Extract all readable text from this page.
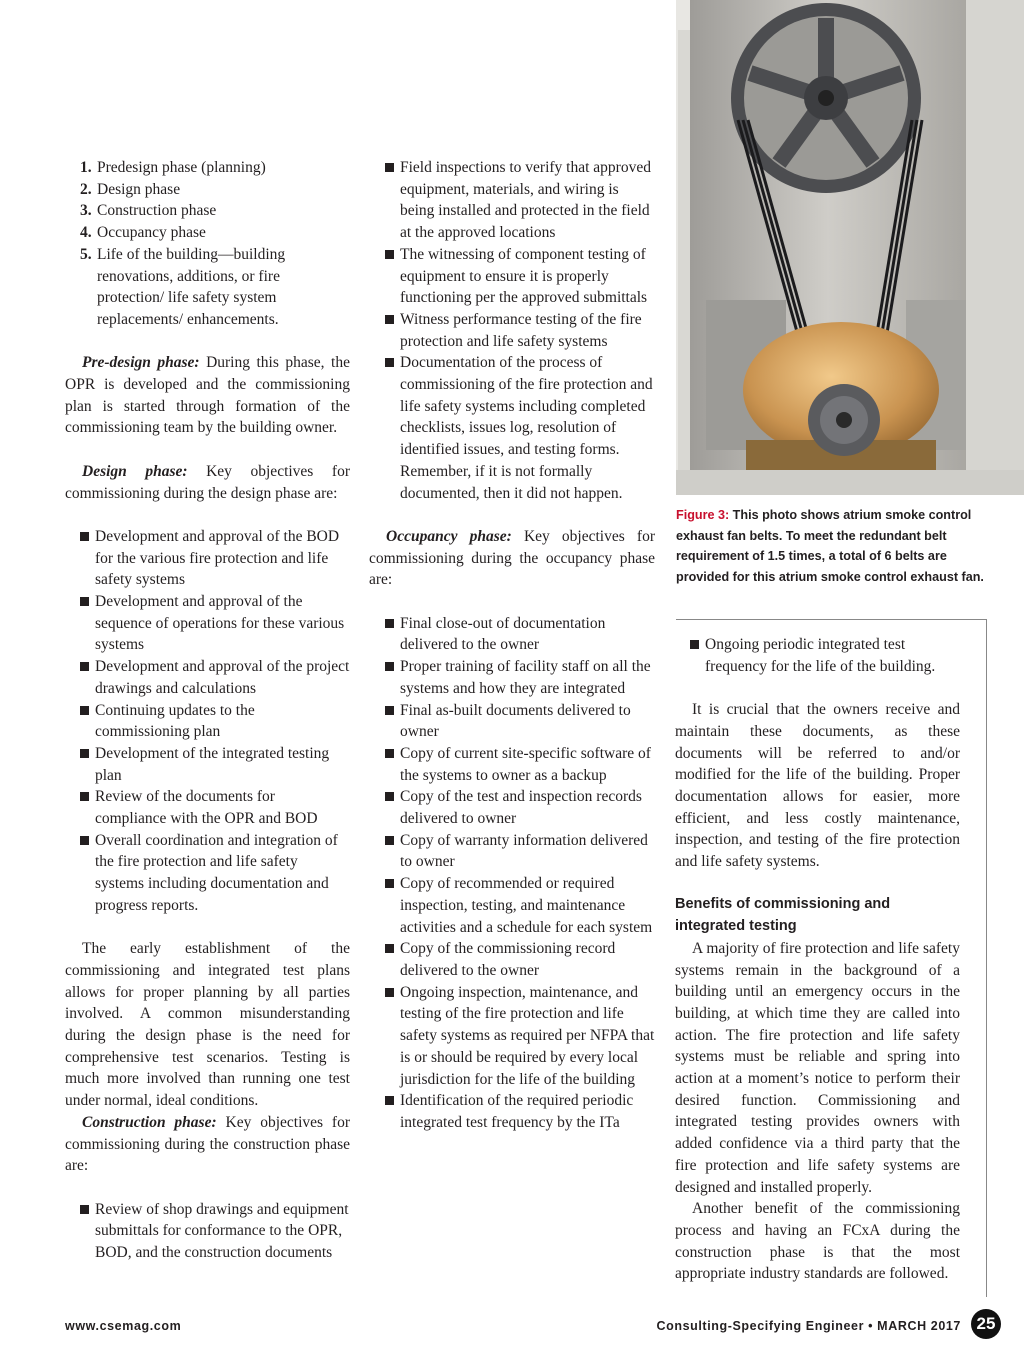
Figure 3: This photo shows atrium smoke control exhaust fan belts. To meet the redundant belt requirement of 1.5 times, a total of 6 belts are provided for this atrium smoke control exhaust fan.
1. Predesign phase (planning)
2. Design phase
3. Construction phase
4. Occupancy phase
5. Life of the building—building renovations, additions, or fire protection/ life safety system replacements/ enhancements.

Pre-design phase: During this phase, the OPR is developed and the commissioning plan is started through formation of the commissioning team by the building owner.

Design phase: Key objectives for commissioning during the design phase are:

Development and approval of the BOD for the various fire protection and life safety systems
Development and approval of the sequence of operations for these various systems
Development and approval of the project drawings and calculations
Continuing updates to the commissioning plan
Development of the integrated testing plan
Review of the documents for compliance with the OPR and BOD
Overall coordination and integration of the fire protection and life safety systems including documentation and progress reports.

The early establishment of the commissioning and integrated test plans allows for proper planning by all parties involved. A common misunderstanding during the design phase is the need for comprehensive test scenarios. Testing is much more involved than running one test under normal, ideal conditions.

Construction phase: Key objectives for commissioning during the construction phase are:

Review of shop drawings and equipment submittals for conformance to the OPR, BOD, and the construction documents
Field inspections to verify that approved equipment, materials, and wiring is being installed and protected in the field at the approved locations
The witnessing of component testing of equipment to ensure it is properly functioning per the approved submittals
Witness performance testing of the fire protection and life safety systems
Documentation of the process of commissioning of the fire protection and life safety systems including completed checklists, issues log, resolution of identified issues, and testing forms. Remember, if it is not formally documented, then it did not happen.

Occupancy phase: Key objectives for commissioning during the occupancy phase are:

Final close-out of documentation delivered to the owner
Proper training of facility staff on all the systems and how they are integrated
Final as-built documents delivered to owner
Copy of current site-specific software of the systems to owner as a backup
Copy of the test and inspection records delivered to owner
Copy of warranty information delivered to owner
Copy of recommended or required inspection, testing, and maintenance activities and a schedule for each system
Copy of the commissioning record delivered to the owner
Ongoing inspection, maintenance, and testing of the fire protection and life safety systems as required per NFPA that is or should be required by every local jurisdiction for the life of the building
Identification of the required periodic integrated test frequency by the ITa
Ongoing periodic integrated test frequency for the life of the building.

It is crucial that the owners receive and maintain these documents, as these documents will be referred to and/or modified for the life of the building. Proper documentation allows for easier, more efficient, and less costly maintenance, inspection, and testing of the fire protection and life safety systems.

Benefits of commissioning and integrated testing

A majority of fire protection and life safety systems remain in the background of a building until an emergency occurs in the building, at which time they are called into action. The fire protection and life safety systems must be reliable and spring into action at a moment’s notice to perform their desired function. Commissioning and integrated testing provides owners with added confidence via a third party that the fire protection and life safety systems are designed and installed properly.

Another benefit of the commissioning process and having an FCxA during the construction phase is that the most appropriate industry standards are followed.

www.csemag.com	Consulting-Specifying Engineer • MARCH 2017 25
